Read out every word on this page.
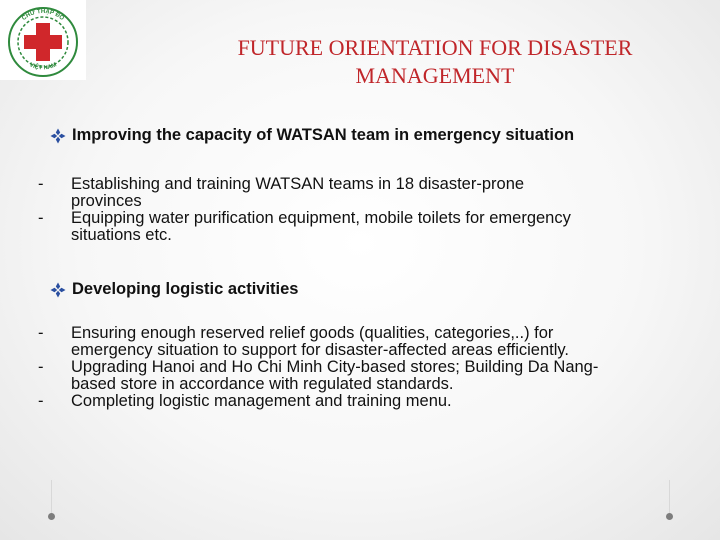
CHỮ THẬP ĐỎ
VIỆT NAM
FUTURE ORIENTATION FOR DISASTER
MANAGEMENT
Improving the capacity of WATSAN team in emergency situation
-	Establishing and training WATSAN teams in 18 disaster-prone
provinces
-	Equipping water purification equipment, mobile toilets for emergency
situations etc.
Developing logistic activities
-	Ensuring enough reserved relief goods (qualities, categories,..) for
emergency situation to support for disaster-affected areas efficiently.
-	Upgrading Hanoi and Ho Chi Minh City-based stores; Building Da Nang-
based store in accordance with regulated standards.
-	Completing logistic management and training menu.
